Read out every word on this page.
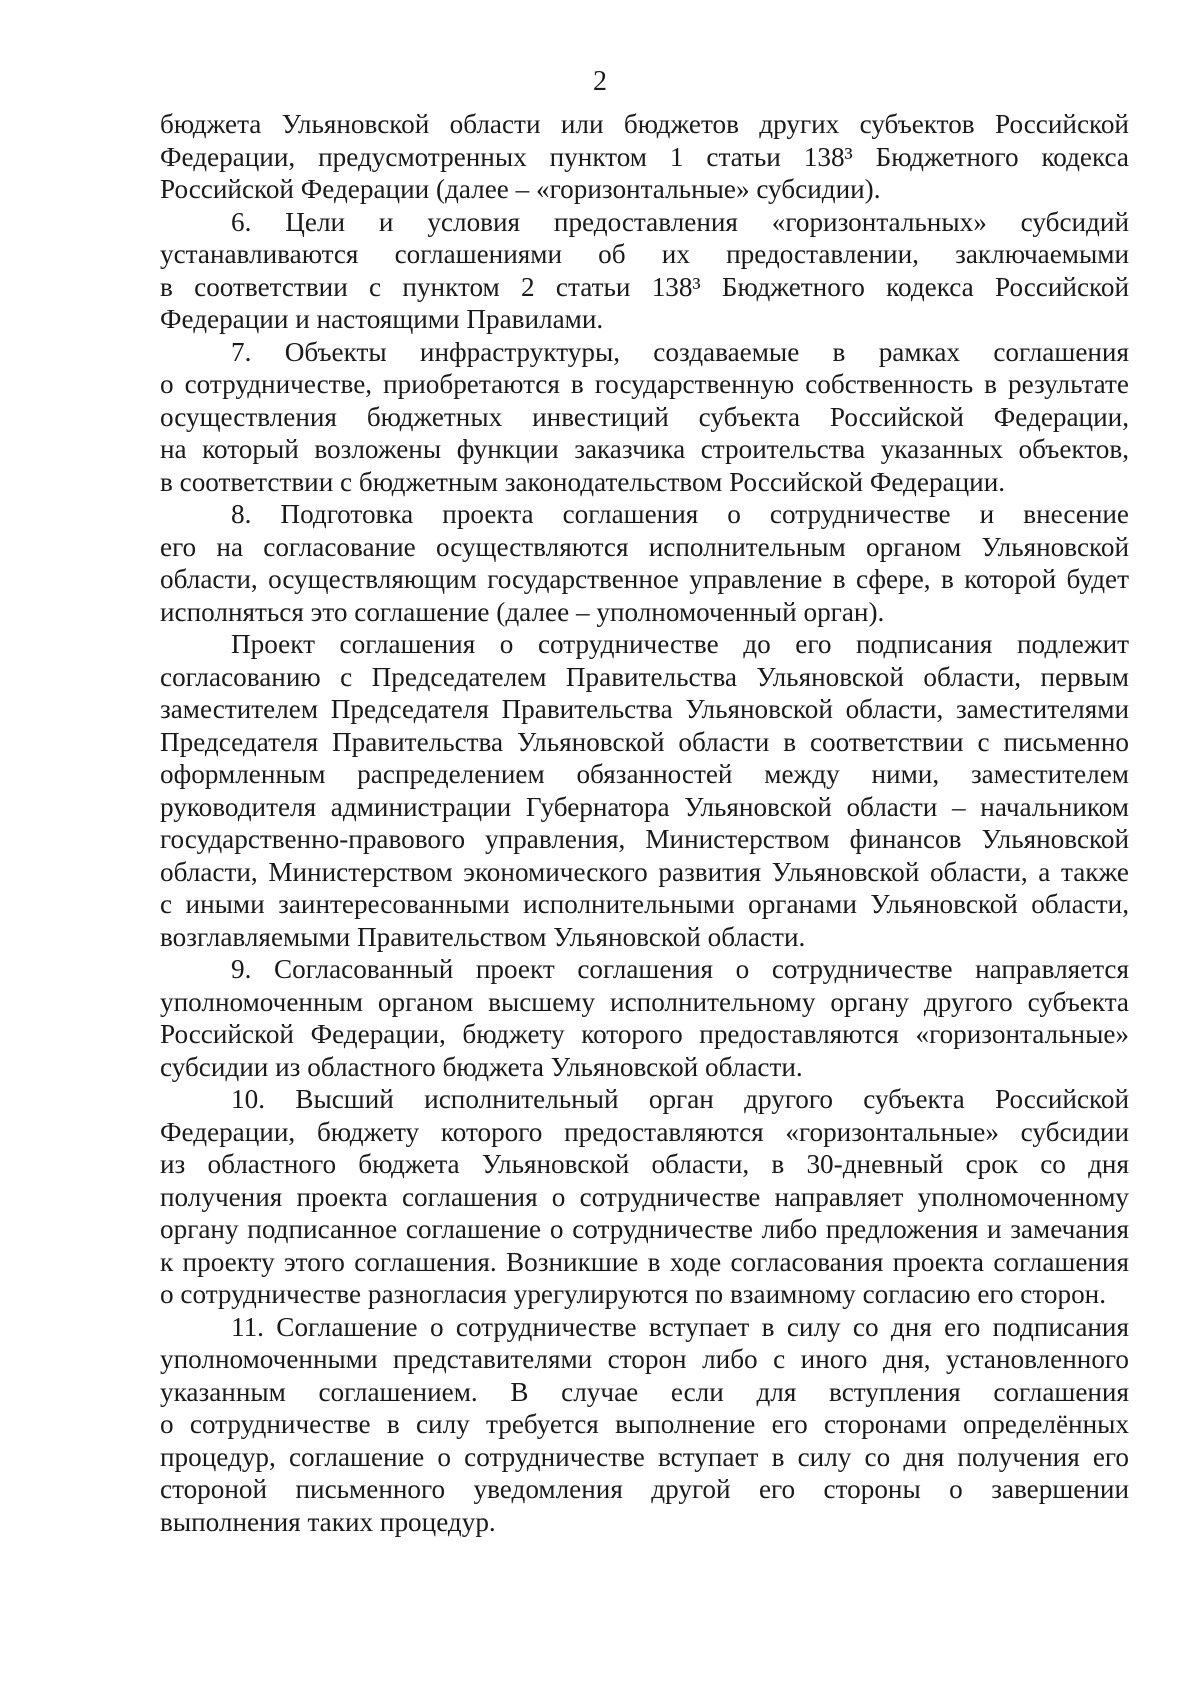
2
бюджета Ульяновской области или бюджетов других субъектов Российской
Федерации, предусмотренных пунктом 1 статьи 138³ Бюджетного кодекса
Российской Федерации (далее – «горизонтальные» субсидии).
6. Цели и условия предоставления «горизонтальных» субсидий
устанавливаются соглашениями об их предоставлении, заключаемыми
в соответствии с пунктом 2 статьи 138³ Бюджетного кодекса Российской
Федерации и настоящими Правилами.
7. Объекты инфраструктуры, создаваемые в рамках соглашения
о сотрудничестве, приобретаются в государственную собственность в результате
осуществления бюджетных инвестиций субъекта Российской Федерации,
на который возложены функции заказчика строительства указанных объектов,
в соответствии с бюджетным законодательством Российской Федерации.
8. Подготовка проекта соглашения о сотрудничестве и внесение
его на согласование осуществляются исполнительным органом Ульяновской
области, осуществляющим государственное управление в сфере, в которой будет
исполняться это соглашение (далее – уполномоченный орган).
Проект соглашения о сотрудничестве до его подписания подлежит
согласованию с Председателем Правительства Ульяновской области, первым
заместителем Председателя Правительства Ульяновской области, заместителями
Председателя Правительства Ульяновской области в соответствии с письменно
оформленным распределением обязанностей между ними, заместителем
руководителя администрации Губернатора Ульяновской области – начальником
государственно-правового управления, Министерством финансов Ульяновской
области, Министерством экономического развития Ульяновской области, а также
с иными заинтересованными исполнительными органами Ульяновской области,
возглавляемыми Правительством Ульяновской области.
9. Согласованный проект соглашения о сотрудничестве направляется
уполномоченным органом высшему исполнительному органу другого субъекта
Российской Федерации, бюджету которого предоставляются «горизонтальные»
субсидии из областного бюджета Ульяновской области.
10. Высший исполнительный орган другого субъекта Российской
Федерации, бюджету которого предоставляются «горизонтальные» субсидии
из областного бюджета Ульяновской области, в 30-дневный срок со дня
получения проекта соглашения о сотрудничестве направляет уполномоченному
органу подписанное соглашение о сотрудничестве либо предложения и замечания
к проекту этого соглашения. Возникшие в ходе согласования проекта соглашения
о сотрудничестве разногласия урегулируются по взаимному согласию его сторон.
11. Соглашение о сотрудничестве вступает в силу со дня его подписания
уполномоченными представителями сторон либо с иного дня, установленного
указанным соглашением. В случае если для вступления соглашения
о сотрудничестве в силу требуется выполнение его сторонами определённых
процедур, соглашение о сотрудничестве вступает в силу со дня получения его
стороной письменного уведомления другой его стороны о завершении
выполнения таких процедур.
